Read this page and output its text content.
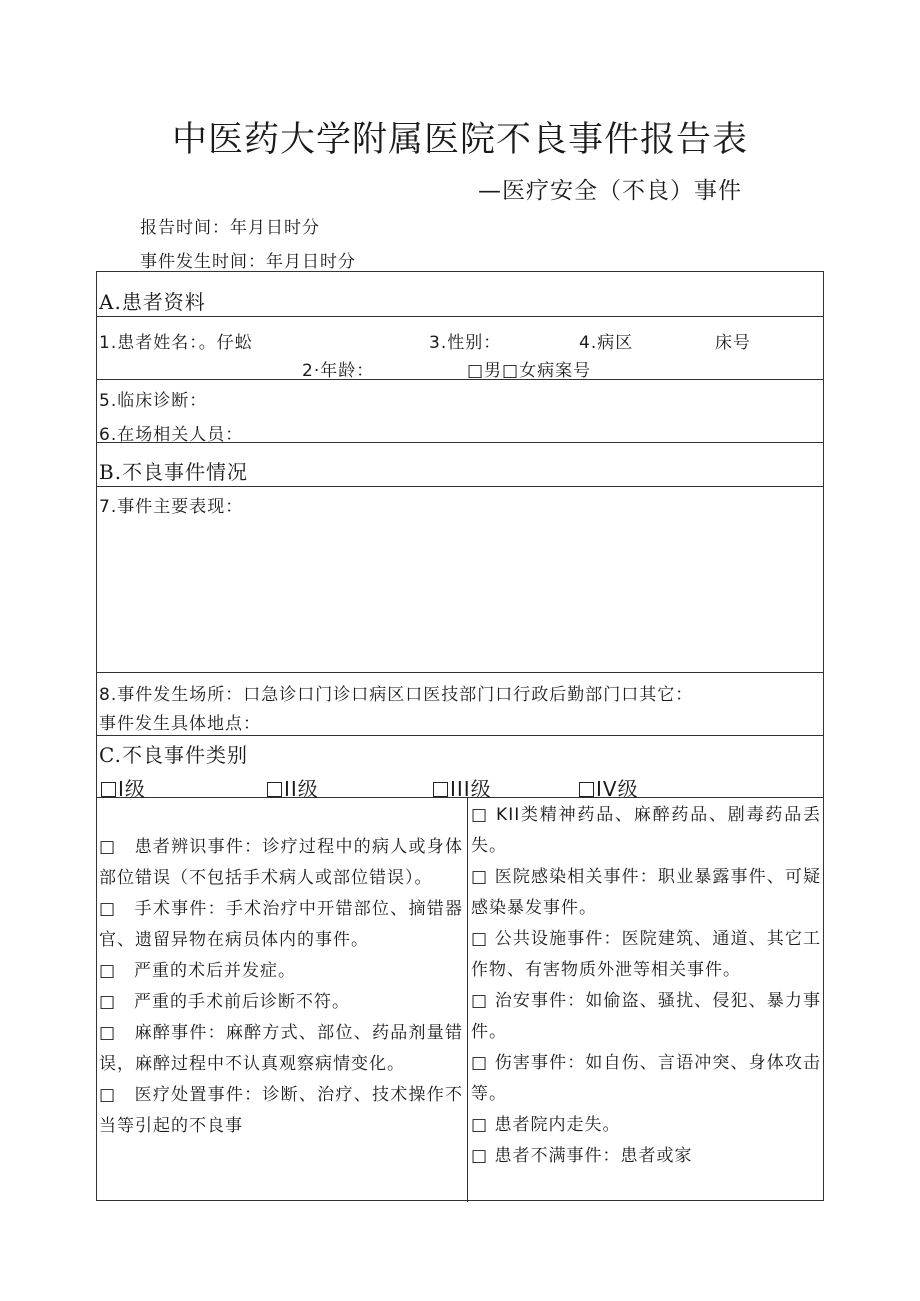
中医药大学附属医院不良事件报告表
—医疗安全（不良）事件
报告时间：年月日时分
事件发生时间：年月日时分
A.患者资料
1.患者姓名：。仔蚣	3.性别：	4.病区	床号
2·年龄：	□男□女病案号
5.临床诊断：
6.在场相关人员：
B.不良事件情况
7.事件主要表现：
8.事件发生场所：口急诊口门诊口病区口医技部门口行政后勤部门口其它：
事件发生具体地点：
C.不良事件类别
I级	II级	III级	IV级

□　患者辨识事件：诊疗过程中的病人或身体部位错误（不包括手术病人或部位错误）。

□　手术事件：手术治疗中开错部位、摘错器官、遗留异物在病员体内的事件。

□　严重的术后并发症。

□　严重的手术前后诊断不符。

□　麻醉事件：麻醉方式、部位、药品剂量错误，麻醉过程中不认真观察病情变化。

□　医疗处置事件：诊断、治疗、技术操作不当等引起的不良事

□ KII类精神药品、麻醉药品、剧毒药品丢失。

□ 医院感染相关事件：职业暴露事件、可疑感染暴发事件。

□ 公共设施事件：医院建筑、通道、其它工作物、有害物质外泄等相关事件。

□ 治安事件：如偷盗、骚扰、侵犯、暴力事件。

□ 伤害事件：如自伤、言语冲突、身体攻击等。

□ 患者院内走失。

□ 患者不满事件：患者或家
